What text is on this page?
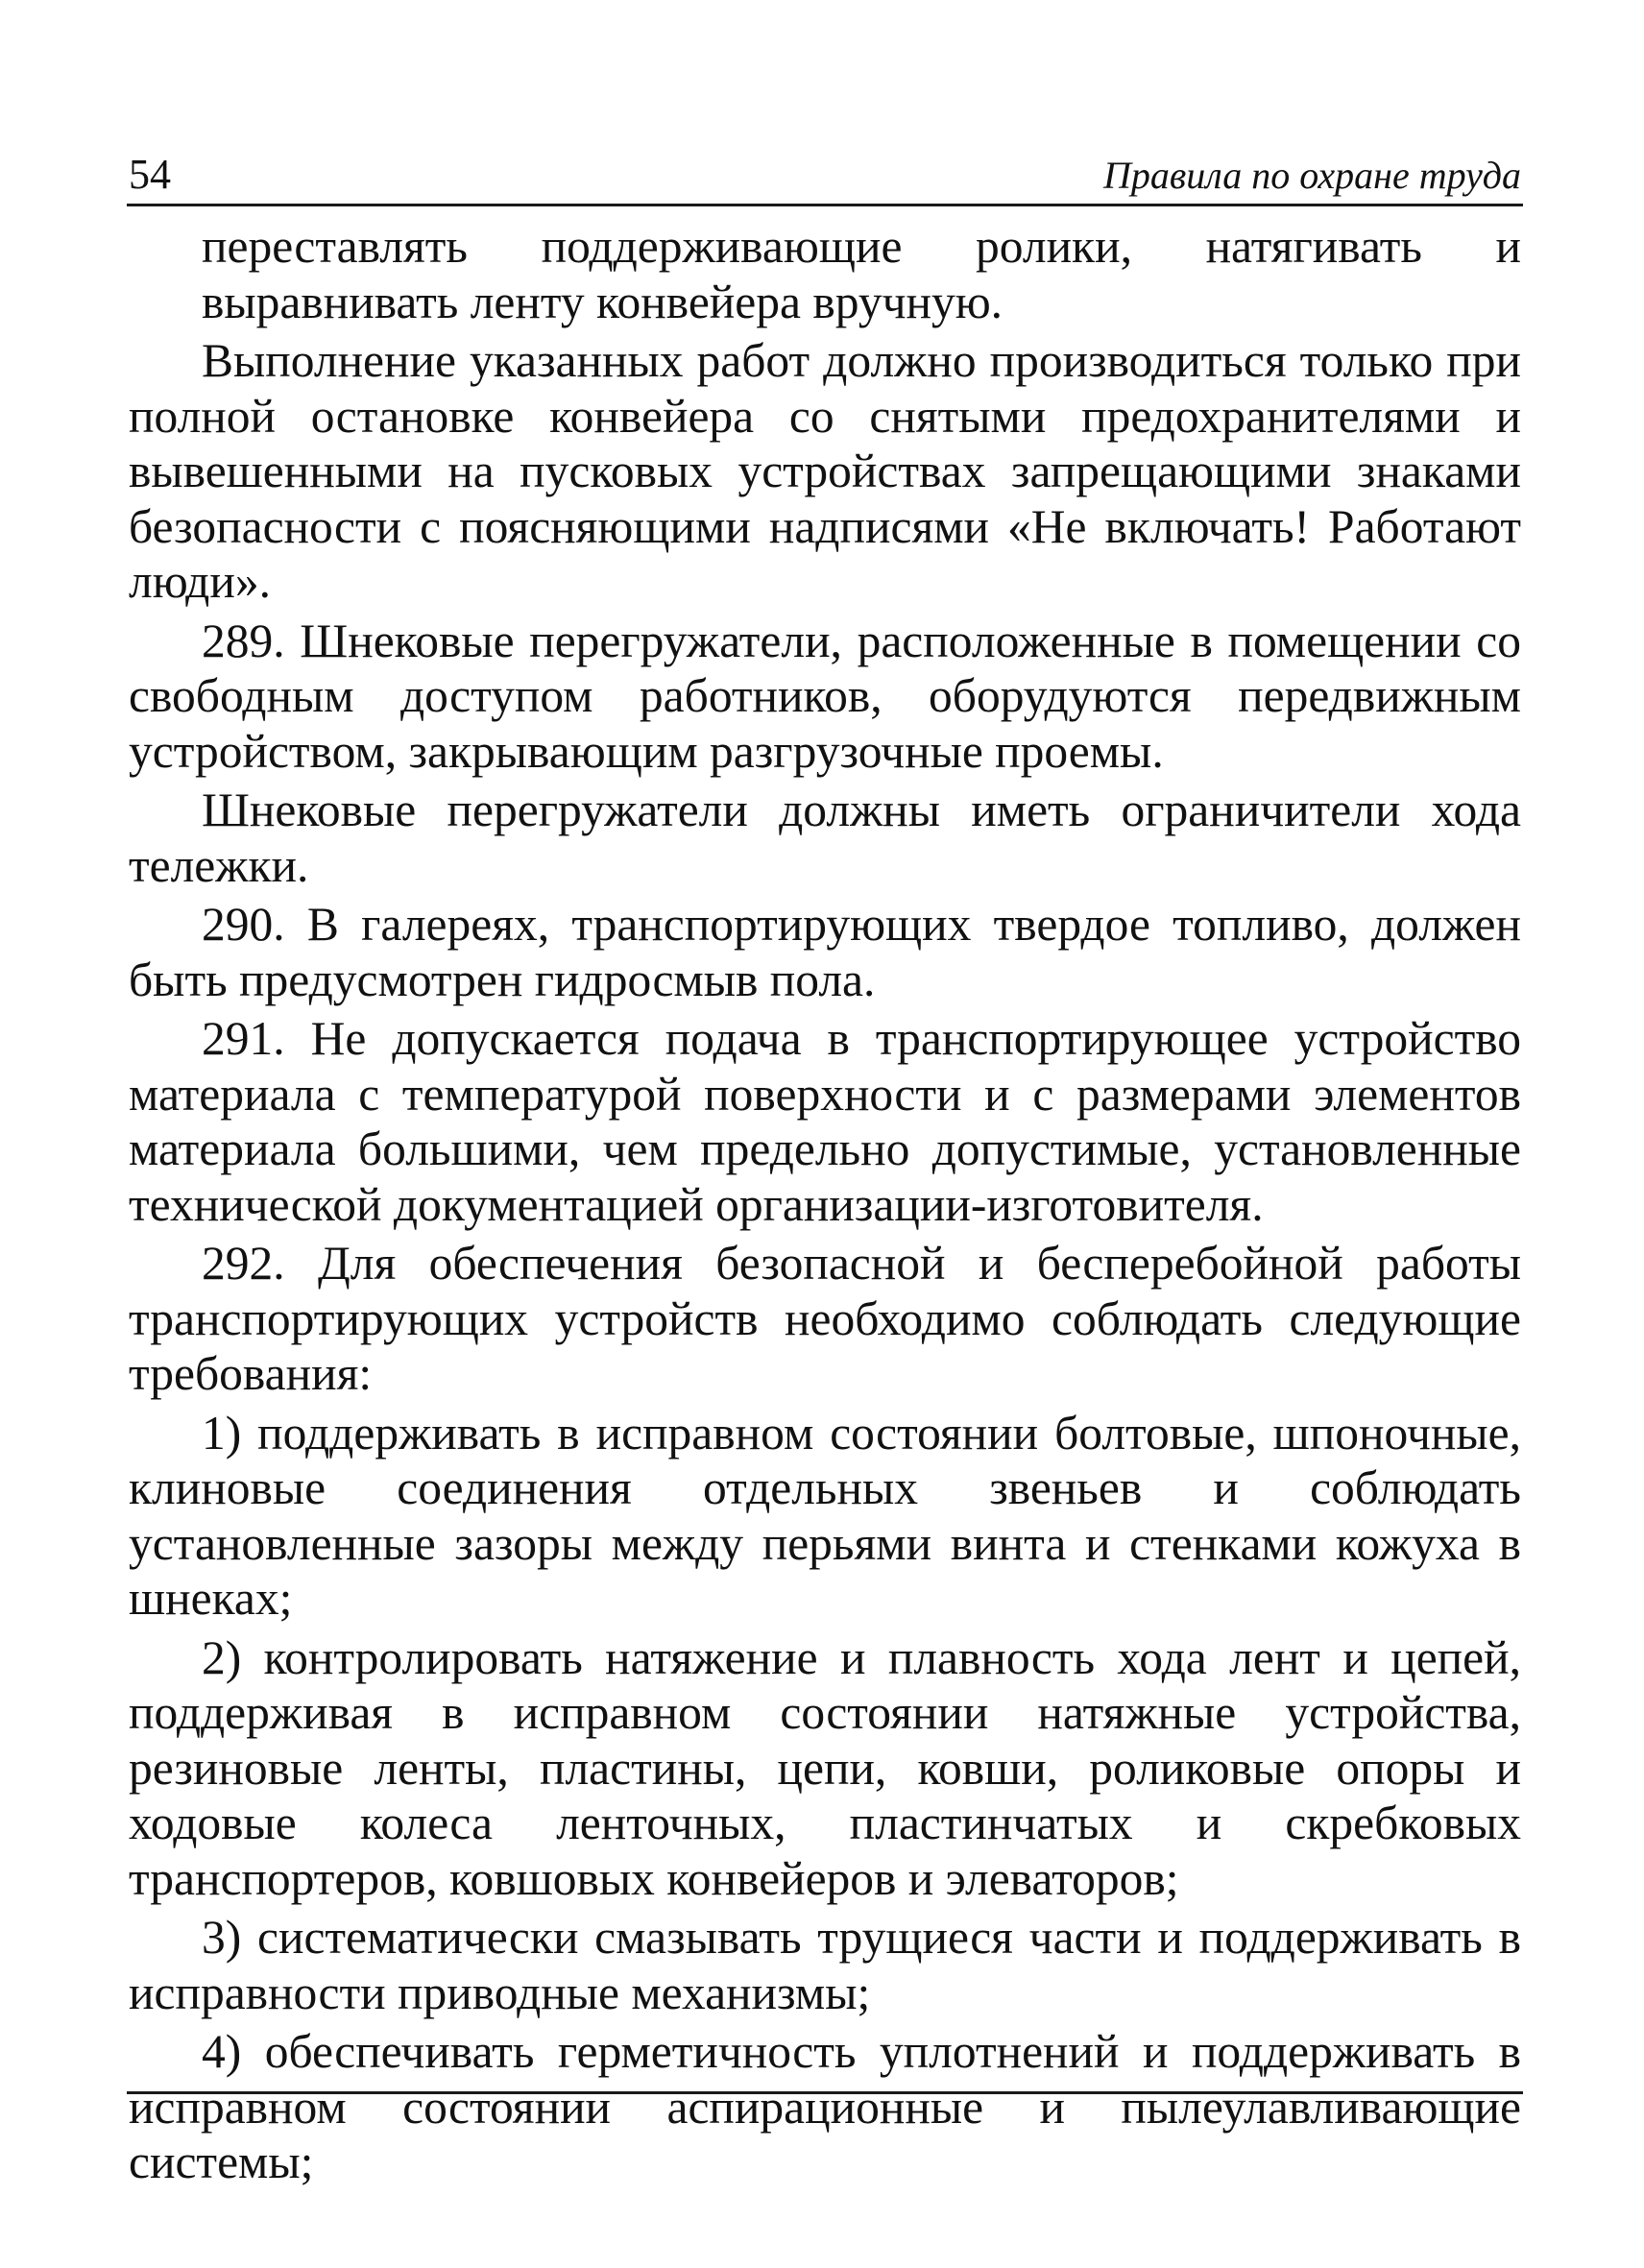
54	Правила по охране труда

переставлять поддерживающие ролики, натягивать и выравнивать ленту конвейера вручную.

Выполнение указанных работ должно производиться только при полной остановке конвейера со снятыми предохранителями и вывешенными на пусковых устройствах запрещающими знаками безопасности с поясняющими надписями «Не включать! Работают люди».

289. Шнековые перегружатели, расположенные в помещении со свободным доступом работников, оборудуются передвижным устройством, закрывающим разгрузочные проемы.

Шнековые перегружатели должны иметь ограничители хода тележки.

290. В галереях, транспортирующих твердое топливо, должен быть предусмотрен гидросмыв пола.

291. Не допускается подача в транспортирующее устройство материала с температурой поверхности и с размерами элементов материала большими, чем предельно допустимые, установленные технической документацией организации-изготовителя.

292. Для обеспечения безопасной и бесперебойной работы транспортирующих устройств необходимо соблюдать следующие требования:

1) поддерживать в исправном состоянии болтовые, шпоночные, клиновые соединения отдельных звеньев и соблюдать установленные зазоры между перьями винта и стенками кожуха в шнеках;

2) контролировать натяжение и плавность хода лент и цепей, поддерживая в исправном состоянии натяжные устройства, резиновые ленты, пластины, цепи, ковши, роликовые опоры и ходовые колеса ленточных, пластинчатых и скребковых транспортеров, ковшовых конвейеров и элеваторов;

3) систематически смазывать трущиеся части и поддерживать в исправности приводные механизмы;

4) обеспечивать герметичность уплотнений и поддерживать в исправном состоянии аспирационные и пылеулавливающие системы;
